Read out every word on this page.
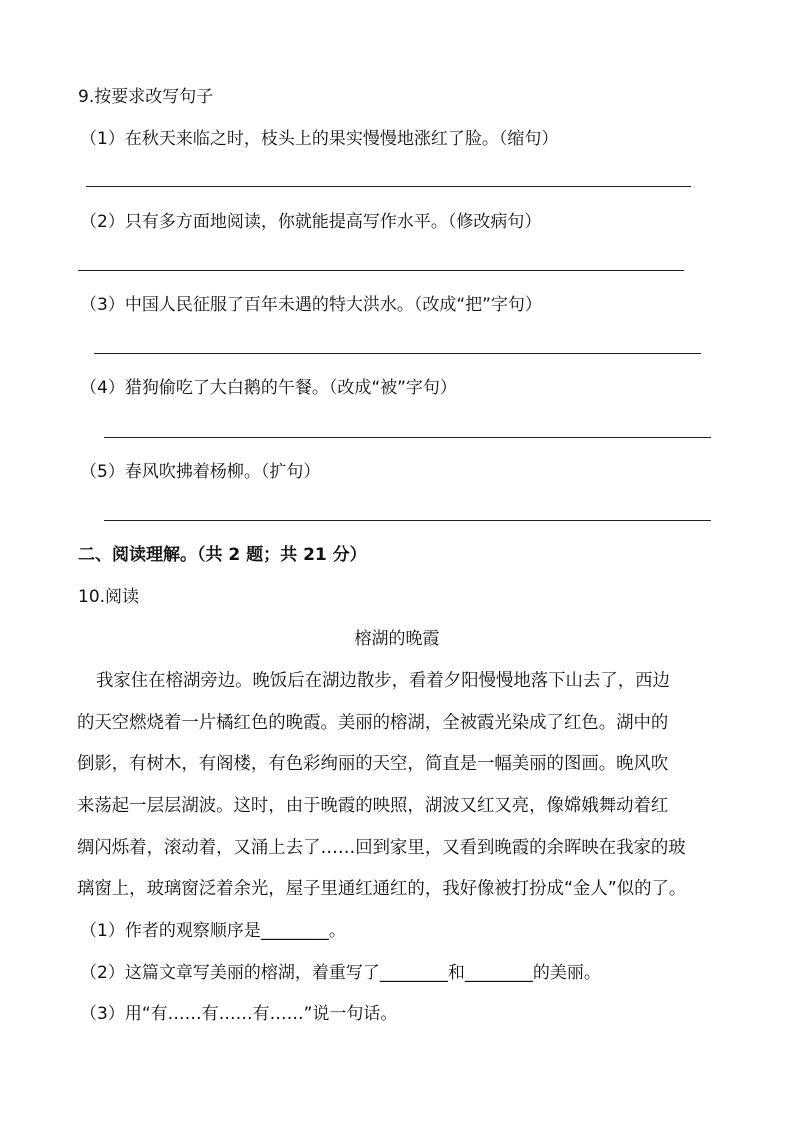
9.按要求改写句子
（1）在秋天来临之时，枝头上的果实慢慢地涨红了脸。（缩句）
（2）只有多方面地阅读，你就能提高写作水平。（修改病句）
（3）中国人民征服了百年未遇的特大洪水。（改成“把”字句）
（4）猎狗偷吃了大白鹅的午餐。（改成“被”字句）
（5）春风吹拂着杨柳。（扩句）
二、阅读理解。（共 2 题；共 21 分）
10.阅读
榕湖的晚霞
我家住在榕湖旁边。晚饭后在湖边散步，看着夕阳慢慢地落下山去了，西边
的天空燃烧着一片橘红色的晚霞。美丽的榕湖，全被霞光染成了红色。湖中的
倒影，有树木，有阁楼，有色彩绚丽的天空，简直是一幅美丽的图画。晚风吹
来荡起一层层湖波。这时，由于晚霞的映照，湖波又红又亮，像嫦娥舞动着红
绸闪烁着，滚动着，又涌上去了……回到家里，又看到晚霞的余晖映在我家的玻
璃窗上，玻璃窗泛着余光，屋子里通红通红的，我好像被打扮成“金人”似的了。
（1）作者的观察顺序是________。
（2）这篇文章写美丽的榕湖，着重写了________和________的美丽。
（3）用“有……有……有……”说一句话。
